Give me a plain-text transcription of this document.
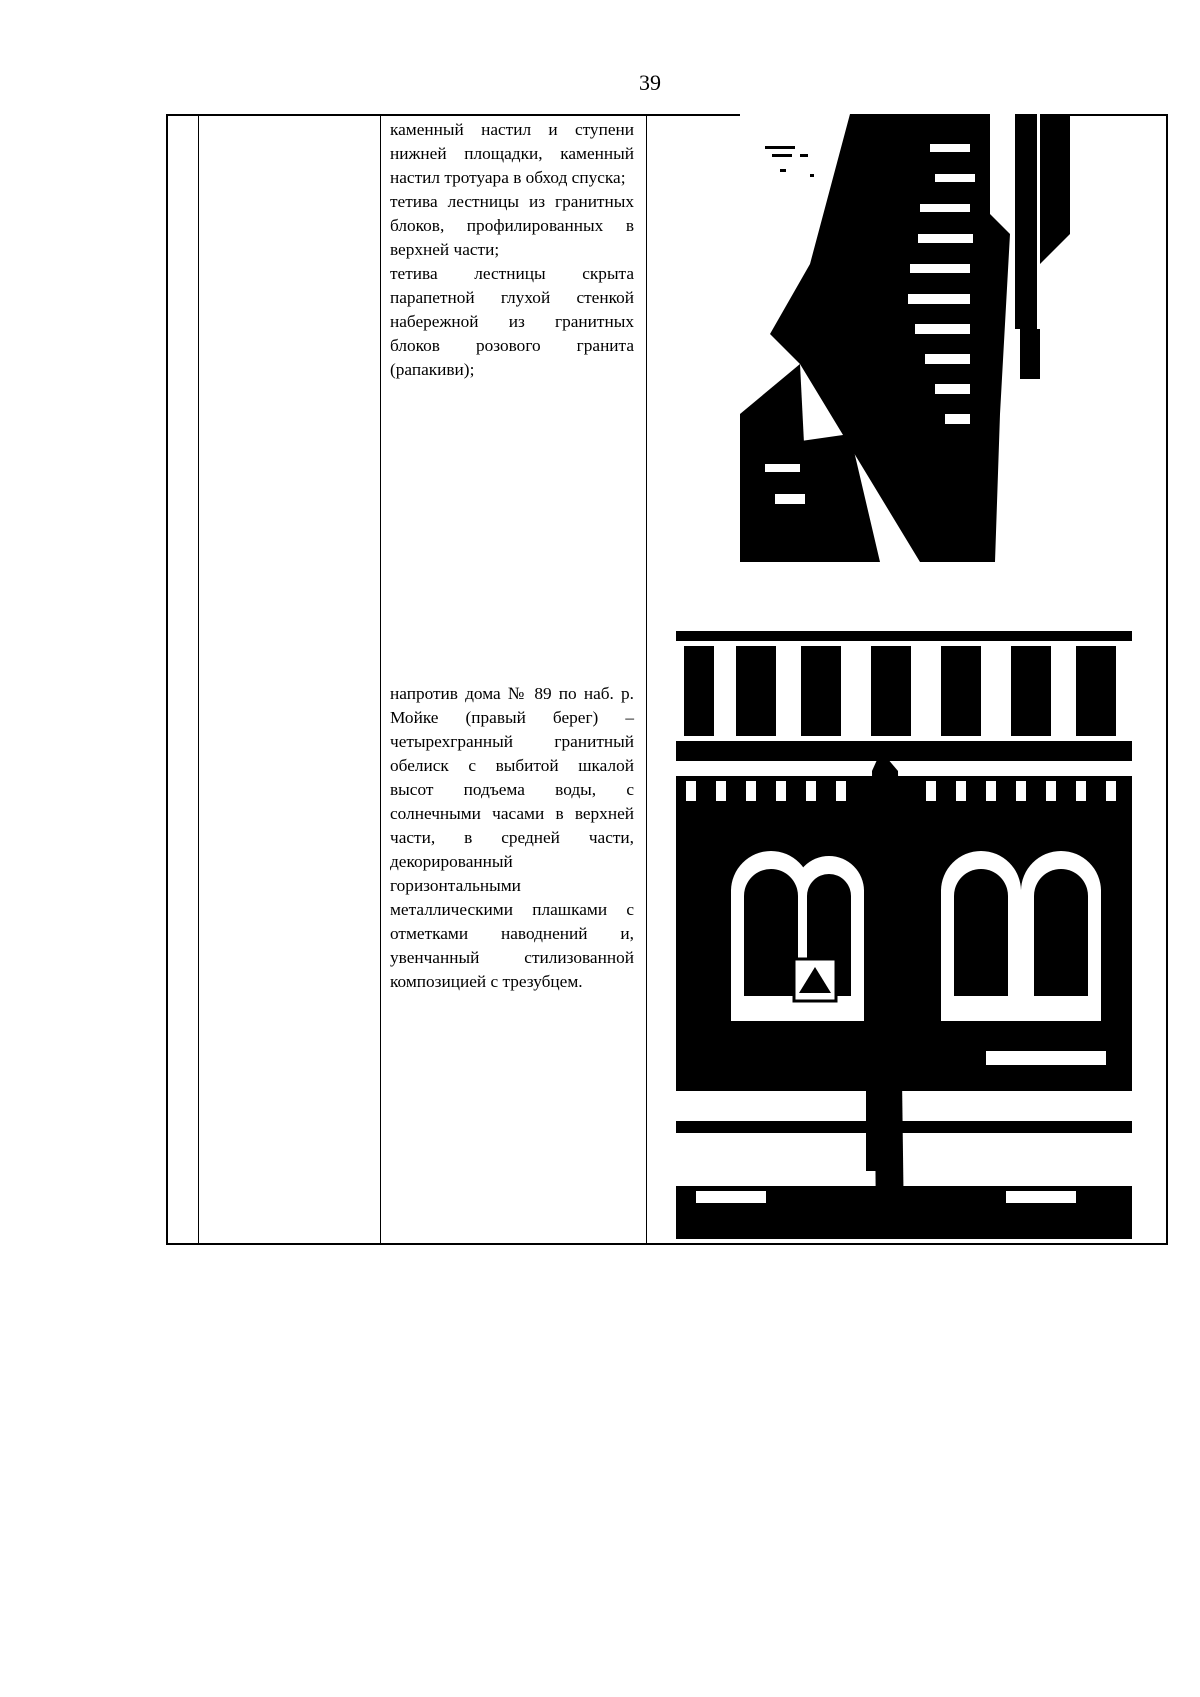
39
каменный настил и ступени нижней площадки, каменный настил тротуара в обход спуска;
тетива лестницы из гранитных блоков, профилированных в верхней части;
тетива лестницы скрыта парапетной глухой стенкой набережной из гранитных блоков розового гранита (рапакиви);
напротив дома № 89 по наб. р. Мойке (правый берег) – четырехгранный гранитный обелиск с выбитой шкалой высот подъема воды, с солнечными часами в верхней части, в средней части, декорированный горизонтальными металлическими плашками с отметками наводнений и, увенчанный стилизованной композицией с трезубцем.
